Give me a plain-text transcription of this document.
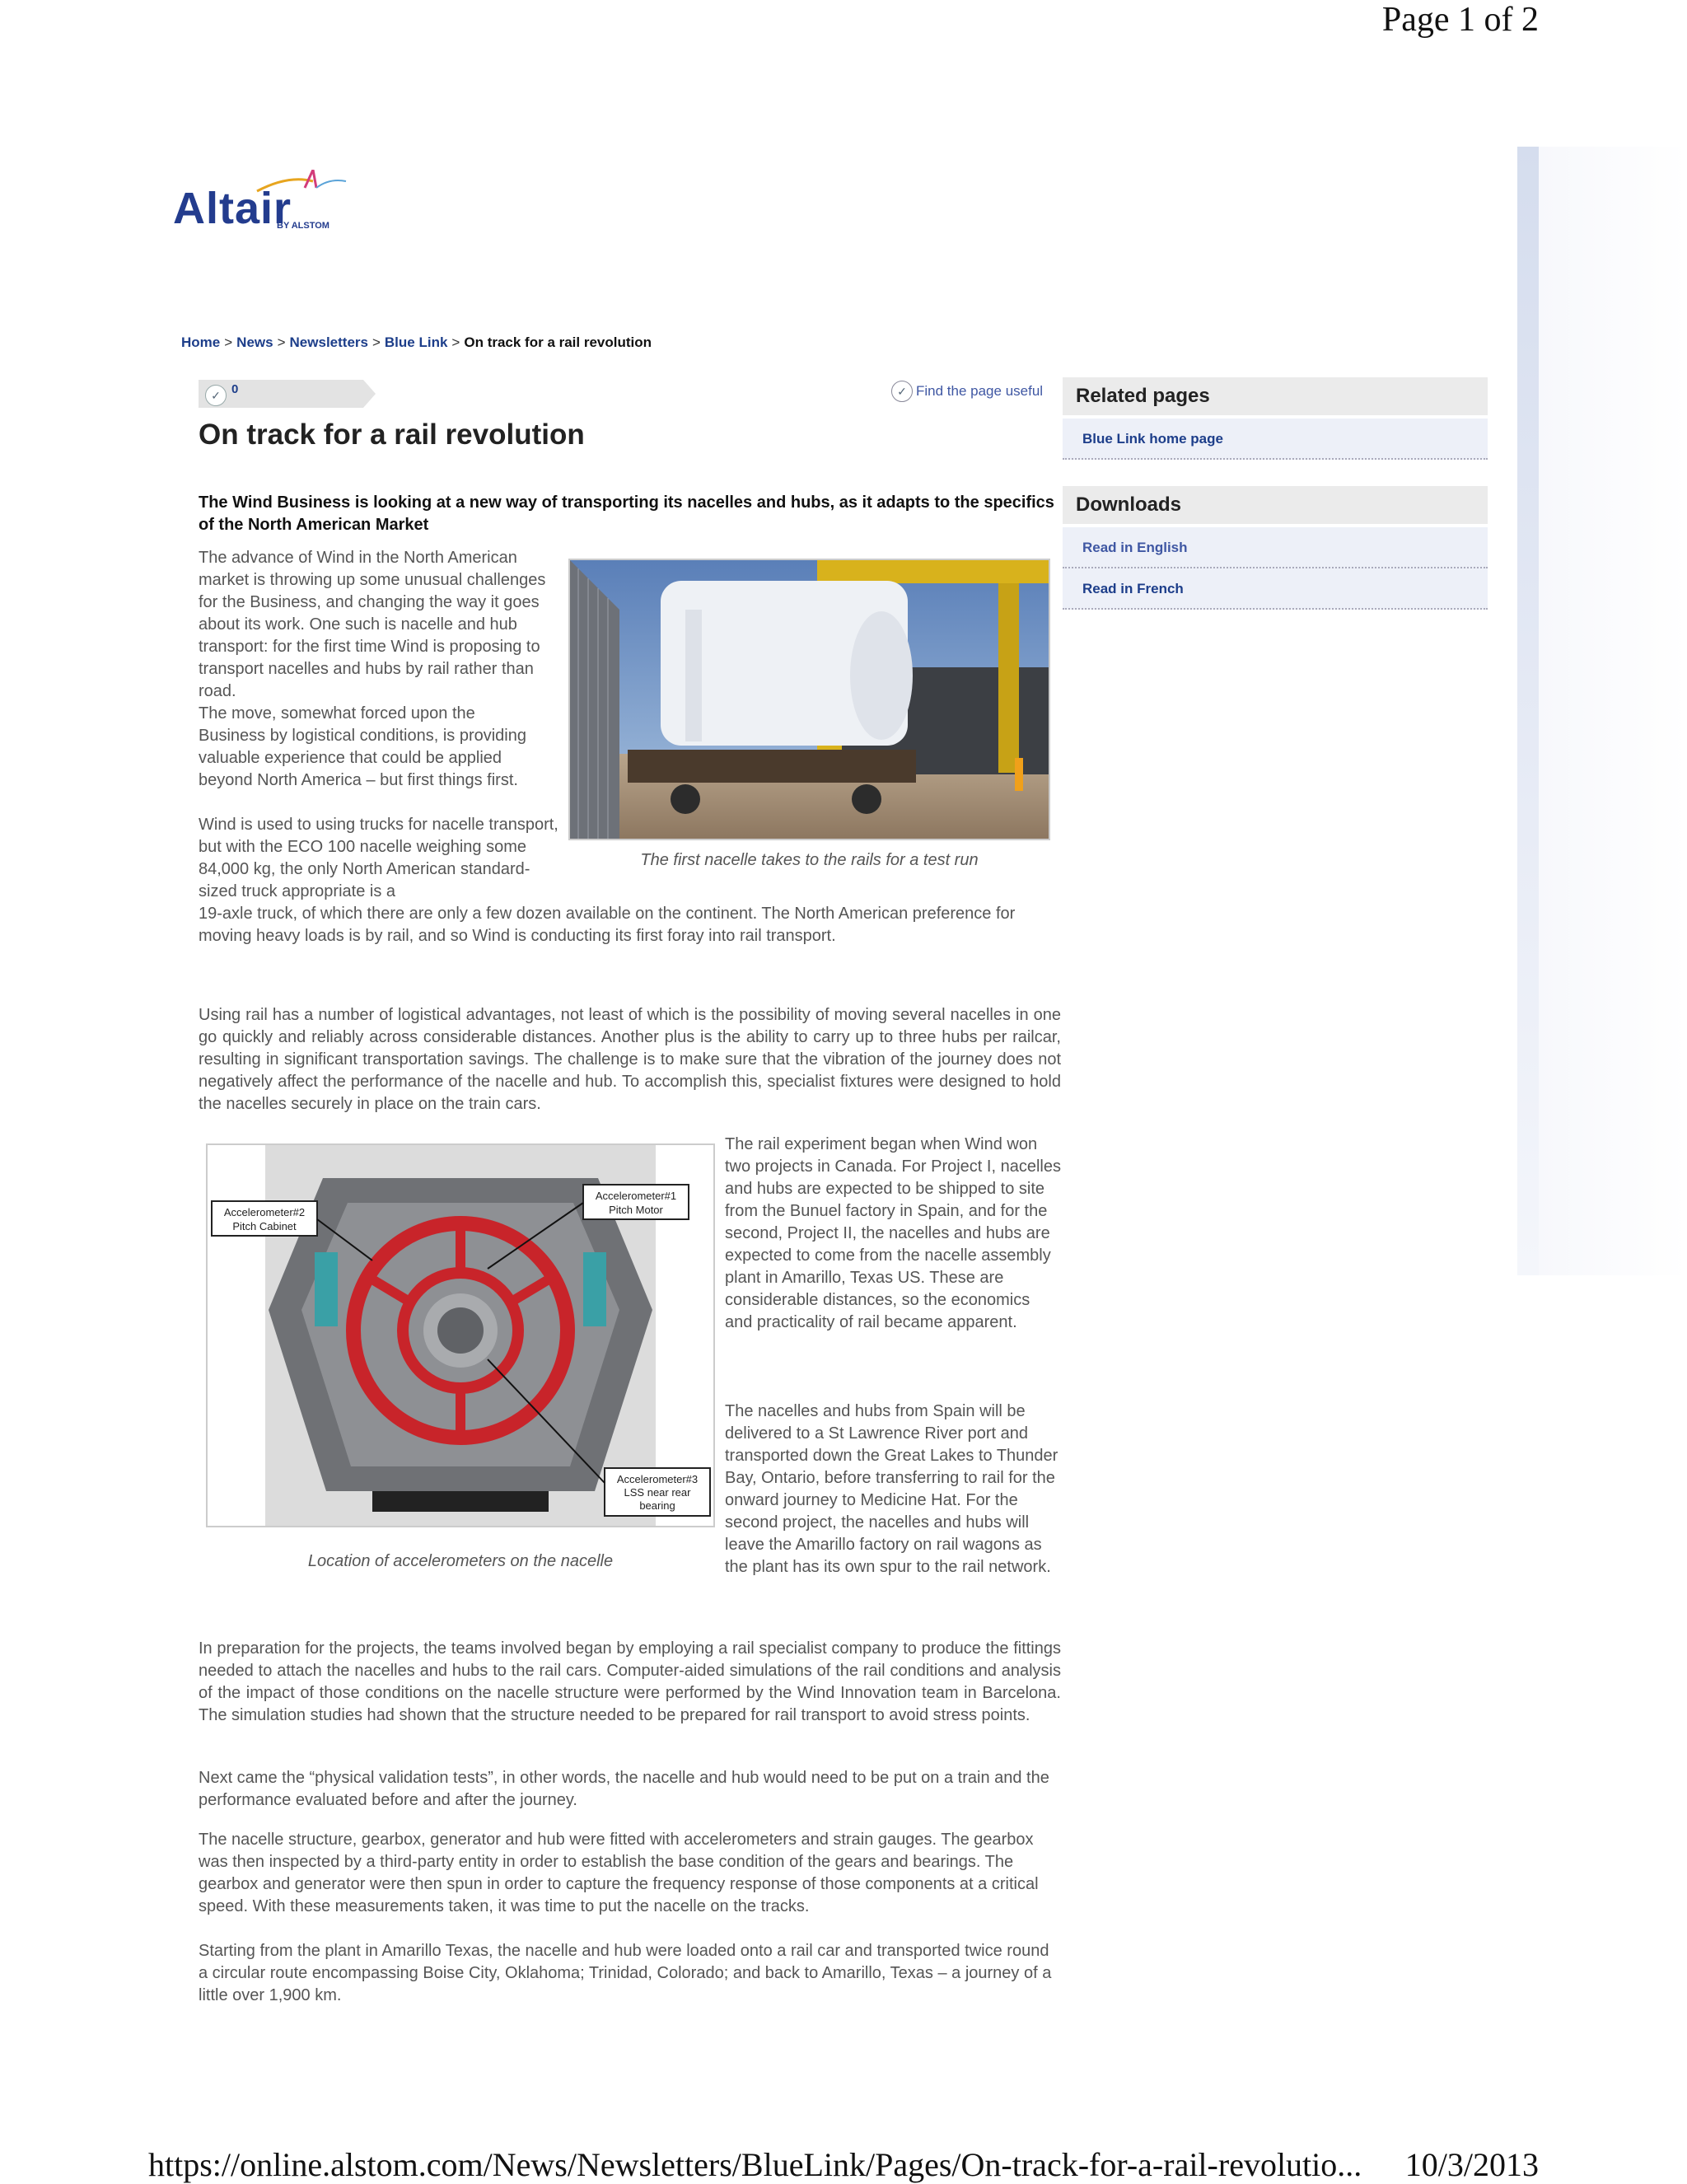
Page 1 of 2
https://online.alstom.com/News/Newsletters/BlueLink/Pages/On-track-for-a-rail-revolutio... 10/3/2013
Altair
BY ALSTOM
Home > News > Newsletters > Blue Link > On track for a rail revolution
✓ 0	✓ Find the page useful
On track for a rail revolution

The Wind Business is looking at a new way of transporting its nacelles and hubs, as it adapts to the specifics of the North American Market

The advance of Wind in the North American market is throwing up some unusual challenges for the Business, and changing the way it goes about its work. One such is nacelle and hub transport: for the first time Wind is proposing to transport nacelles and hubs by rail rather than road.

The move, somewhat forced upon the Business by logistical conditions, is providing valuable experience that could be applied beyond North America – but first things first.

Wind is used to using trucks for nacelle transport, but with the ECO 100 nacelle weighing some 84,000 kg, the only North American standard-sized truck appropriate is a

19-axle truck, of which there are only a few dozen available on the continent. The North American preference for moving heavy loads is by rail, and so Wind is conducting its first foray into rail transport.

Using rail has a number of logistical advantages, not least of which is the possibility of moving several nacelles in one go quickly and reliably across considerable distances. Another plus is the ability to carry up to three hubs per railcar, resulting in significant transportation savings. The challenge is to make sure that the vibration of the journey does not negatively affect the performance of the nacelle and hub. To accomplish this, specialist fixtures were designed to hold the nacelles securely in place on the train cars.

The rail experiment began when Wind won two projects in Canada. For Project I, nacelles and hubs are expected to be shipped to site from the Bunuel factory in Spain, and for the second, Project II, the nacelles and hubs are expected to come from the nacelle assembly plant in Amarillo, Texas US. These are considerable distances, so the economics and practicality of rail became apparent.

The nacelles and hubs from Spain will be delivered to a St Lawrence River port and transported down the Great Lakes to Thunder Bay, Ontario, before transferring to rail for the onward journey to Medicine Hat. For the second project, the nacelles and hubs will leave the Amarillo factory on rail wagons as the plant has its own spur to the rail network.

In preparation for the projects, the teams involved began by employing a rail specialist company to produce the fittings needed to attach the nacelles and hubs to the rail cars. Computer-aided simulations of the rail conditions and analysis of the impact of those conditions on the nacelle structure were performed by the Wind Innovation team in Barcelona. The simulation studies had shown that the structure needed to be prepared for rail transport to avoid stress points.

Next came the “physical validation tests”, in other words, the nacelle and hub would need to be put on a train and the performance evaluated before and after the journey.

The nacelle structure, gearbox, generator and hub were fitted with accelerometers and strain gauges. The gearbox was then inspected by a third-party entity in order to establish the base condition of the gears and bearings. The gearbox and generator were then spun in order to capture the frequency response of those components at a critical speed. With these measurements taken, it was time to put the nacelle on the tracks.

Starting from the plant in Amarillo Texas, the nacelle and hub were loaded onto a rail car and transported twice round a circular route encompassing Boise City, Oklahoma; Trinidad, Colorado; and back to Amarillo, Texas – a journey of a little over 1,900 km.

The first nacelle takes to the rails for a test run
Accelerometer#2
Pitch Cabinet
Accelerometer#1
Pitch Motor
Accelerometer#3
LSS near rear
bearing
Location of accelerometers on the nacelle
Related pages
Blue Link home page
Downloads
Read in English
Read in French
